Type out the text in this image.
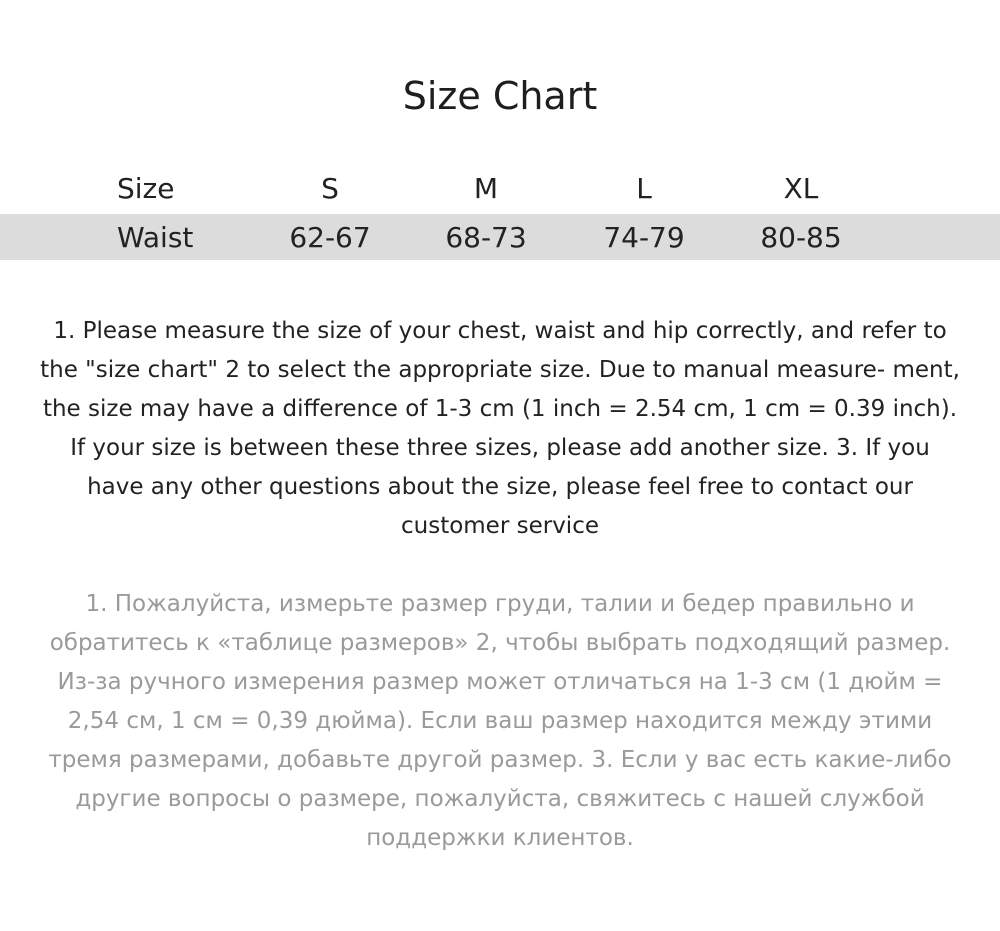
Size Chart
Size	S	M	L	XL
Waist	62-67	68-73	74-79	80-85
1. Please measure the size of your chest, waist and hip correctly, and refer to the "size chart" 2 to select the appropriate size. Due to manual measure- ment, the size may have a difference of 1-3 cm (1 inch = 2.54 cm, 1 cm = 0.39 inch). If your size is between these three sizes, please add another size. 3. If you have any other questions about the size, please feel free to contact our customer service
1. Пожалуйста, измерьте размер груди, талии и бедер правильно и обратитесь к «таблице размеров» 2, чтобы выбрать подходящий размер. Из-за ручного измерения размер может отличаться на 1-3 см (1 дюйм = 2,54 см, 1 см = 0,39 дюйма). Если ваш размер находится между этими тремя размерами, добавьте другой размер. 3. Если у вас есть какие-либо другие вопросы о размере, пожалуйста, свяжитесь с нашей службой поддержки клиентов.
